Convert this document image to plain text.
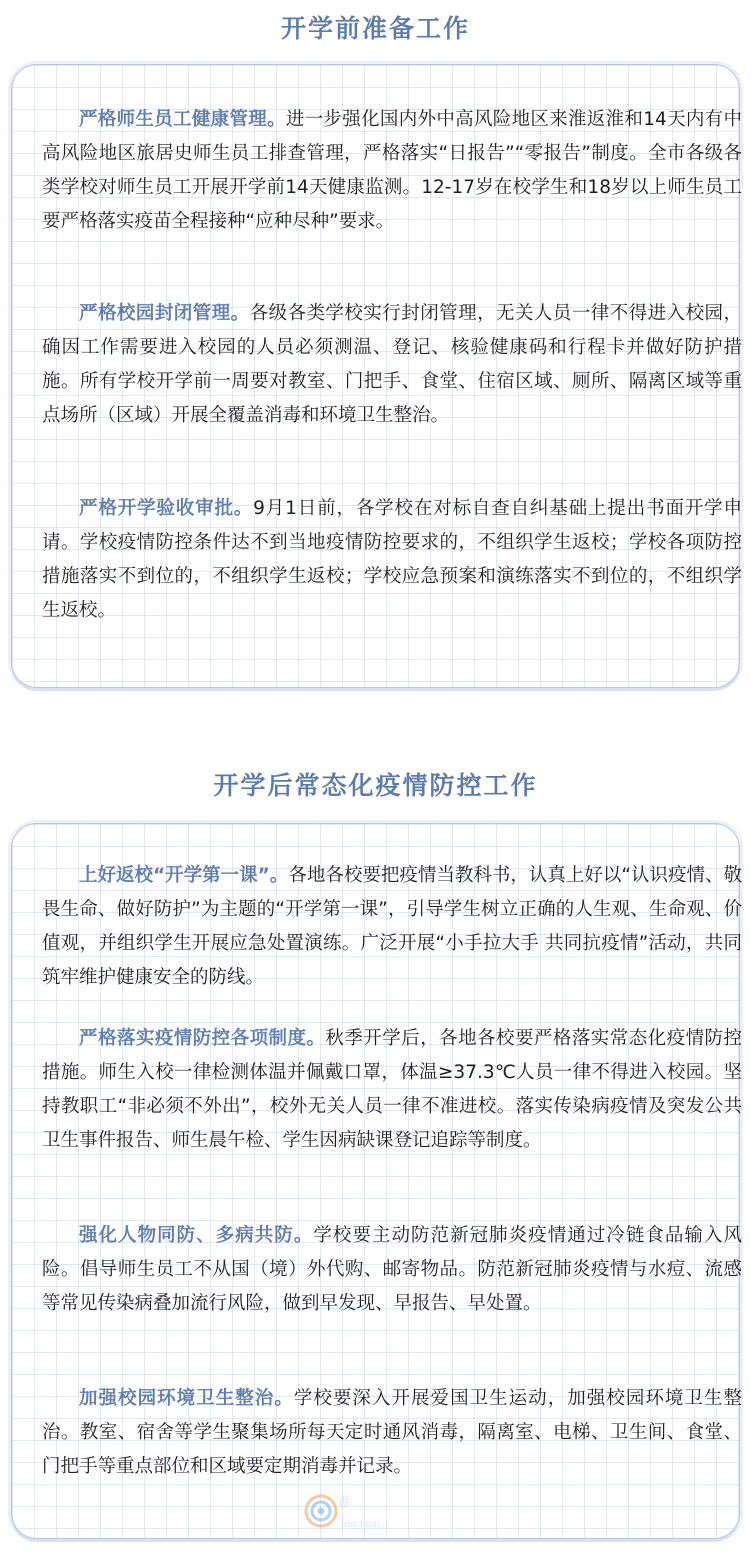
开学前准备工作

严格师生员工健康管理。进一步强化国内外中高风险地区来淮返淮和14天内有中高风险地区旅居史师生员工排查管理，严格落实“日报告”“零报告”制度。全市各级各类学校对师生员工开展开学前14天健康监测。12-17岁在校学生和18岁以上师生员工要严格落实疫苗全程接种“应种尽种”要求。

严格校园封闭管理。各级各类学校实行封闭管理，无关人员一律不得进入校园，确因工作需要进入校园的人员必须测温、登记、核验健康码和行程卡并做好防护措施。所有学校开学前一周要对教室、门把手、食堂、住宿区域、厕所、隔离区域等重点场所（区域）开展全覆盖消毒和环境卫生整治。

严格开学验收审批。9月1日前，各学校在对标自查自纠基础上提出书面开学申请。学校疫情防控条件达不到当地疫情防控要求的，不组织学生返校；学校各项防控措施落实不到位的，不组织学生返校；学校应急预案和演练落实不到位的，不组织学生返校。

开学后常态化疫情防控工作

上好返校“开学第一课”。各地各校要把疫情当教科书，认真上好以“认识疫情、敬畏生命、做好防护”为主题的“开学第一课”，引导学生树立正确的人生观、生命观、价值观，并组织学生开展应急处置演练。广泛开展“小手拉大手 共同抗疫情”活动，共同筑牢维护健康安全的防线。

严格落实疫情防控各项制度。秋季开学后，各地各校要严格落实常态化疫情防控措施。师生入校一律检测体温并佩戴口罩，体温≥37.3℃人员一律不得进入校园。坚持教职工“非必须不外出”，校外无关人员一律不准进校。落实传染病疫情及突发公共卫生事件报告、师生晨午检、学生因病缺课登记追踪等制度。

强化人物同防、多病共防。学校要主动防范新冠肺炎疫情通过冷链食品输入风险。倡导师生员工不从国（境）外代购、邮寄物品。防范新冠肺炎疫情与水痘、流感等常见传染病叠加流行风险，做到早发现、早报告、早处置。

加强校园环境卫生整治。学校要深入开展爱国卫生运动，加强校园环境卫生整治。教室、宿舍等学生聚集场所每天定时通风消毒，隔离室、电梯、卫生间、食堂、门把手等重点部位和区域要定期消毒并记录。

淮
bbs.huai...
